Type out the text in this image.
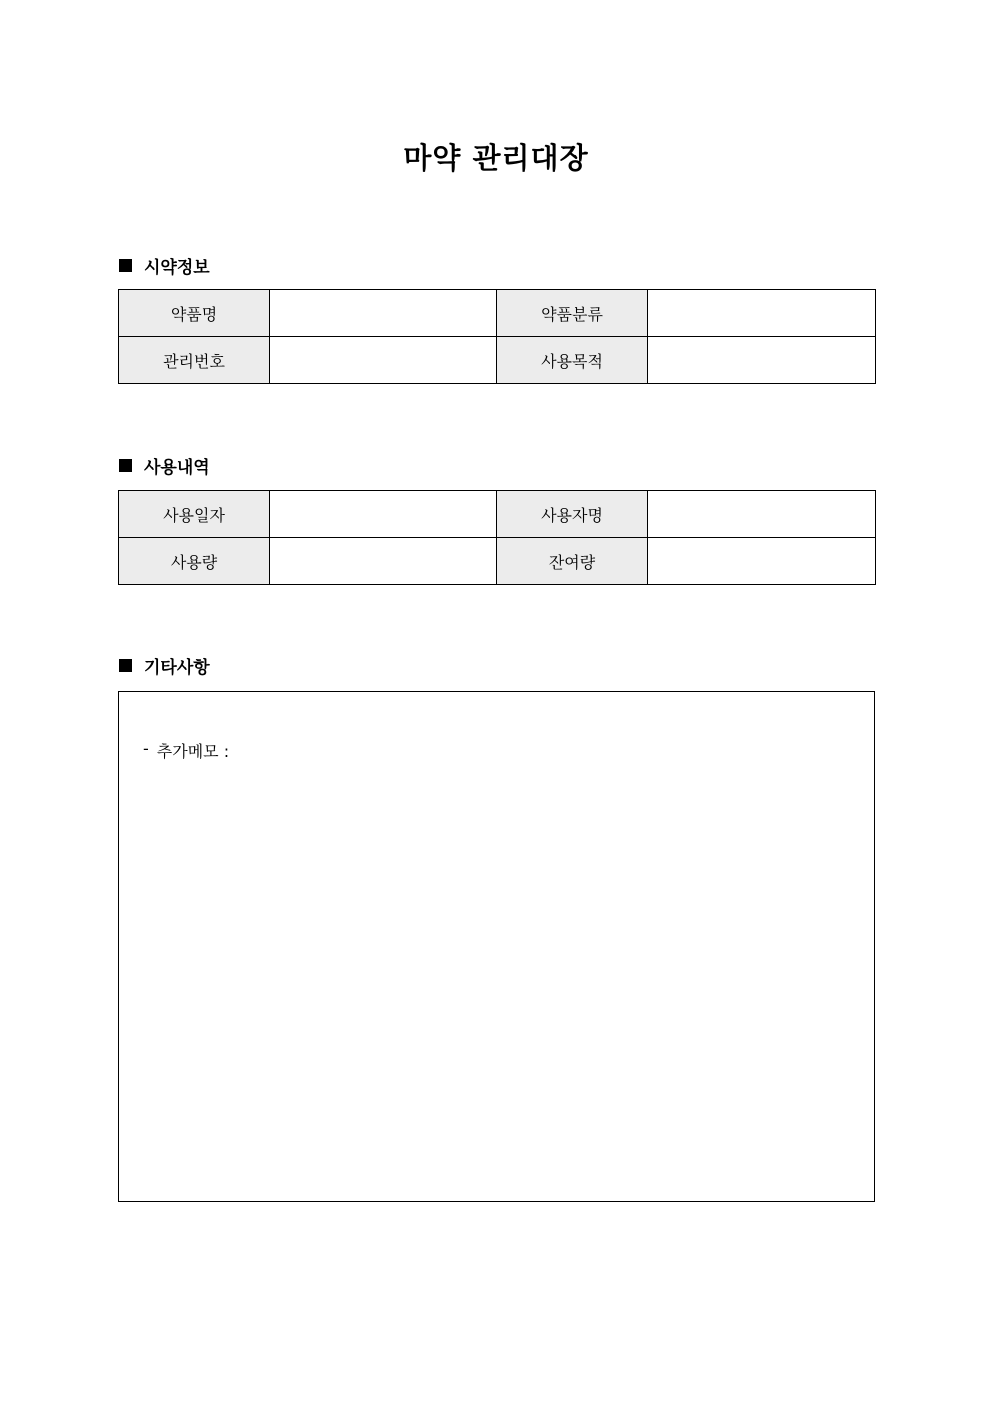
마약 관리대장
시약정보
약품명		약품분류	
관리번호		사용목적	
사용내역
사용일자		사용자명	
사용량		잔여량	
기타사항
- 추가메모 :
